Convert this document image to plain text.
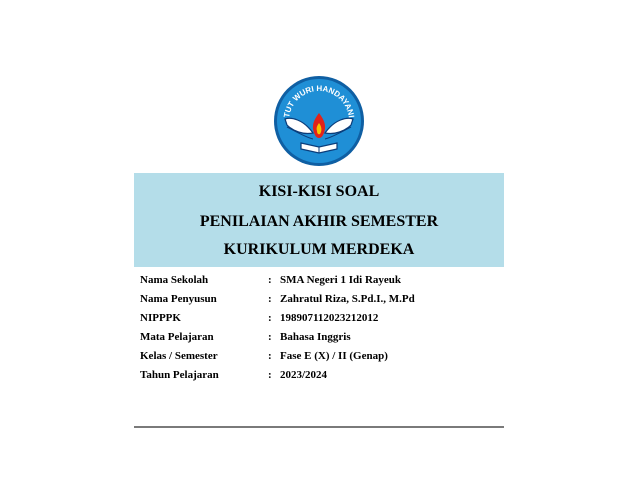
TUT WURI HANDAYANI
KISI-KISI SOAL
PENILAIAN AKHIR SEMESTER
KURIKULUM MERDEKA
Nama Sekolah	: SMA Negeri 1 Idi Rayeuk
Nama Penyusun	: Zahratul Riza, S.Pd.I., M.Pd
NIPPPK	: 198907112023212012
Mata Pelajaran	: Bahasa Inggris
Kelas / Semester	: Fase E (X) / II (Genap)
Tahun Pelajaran	: 2023/2024
